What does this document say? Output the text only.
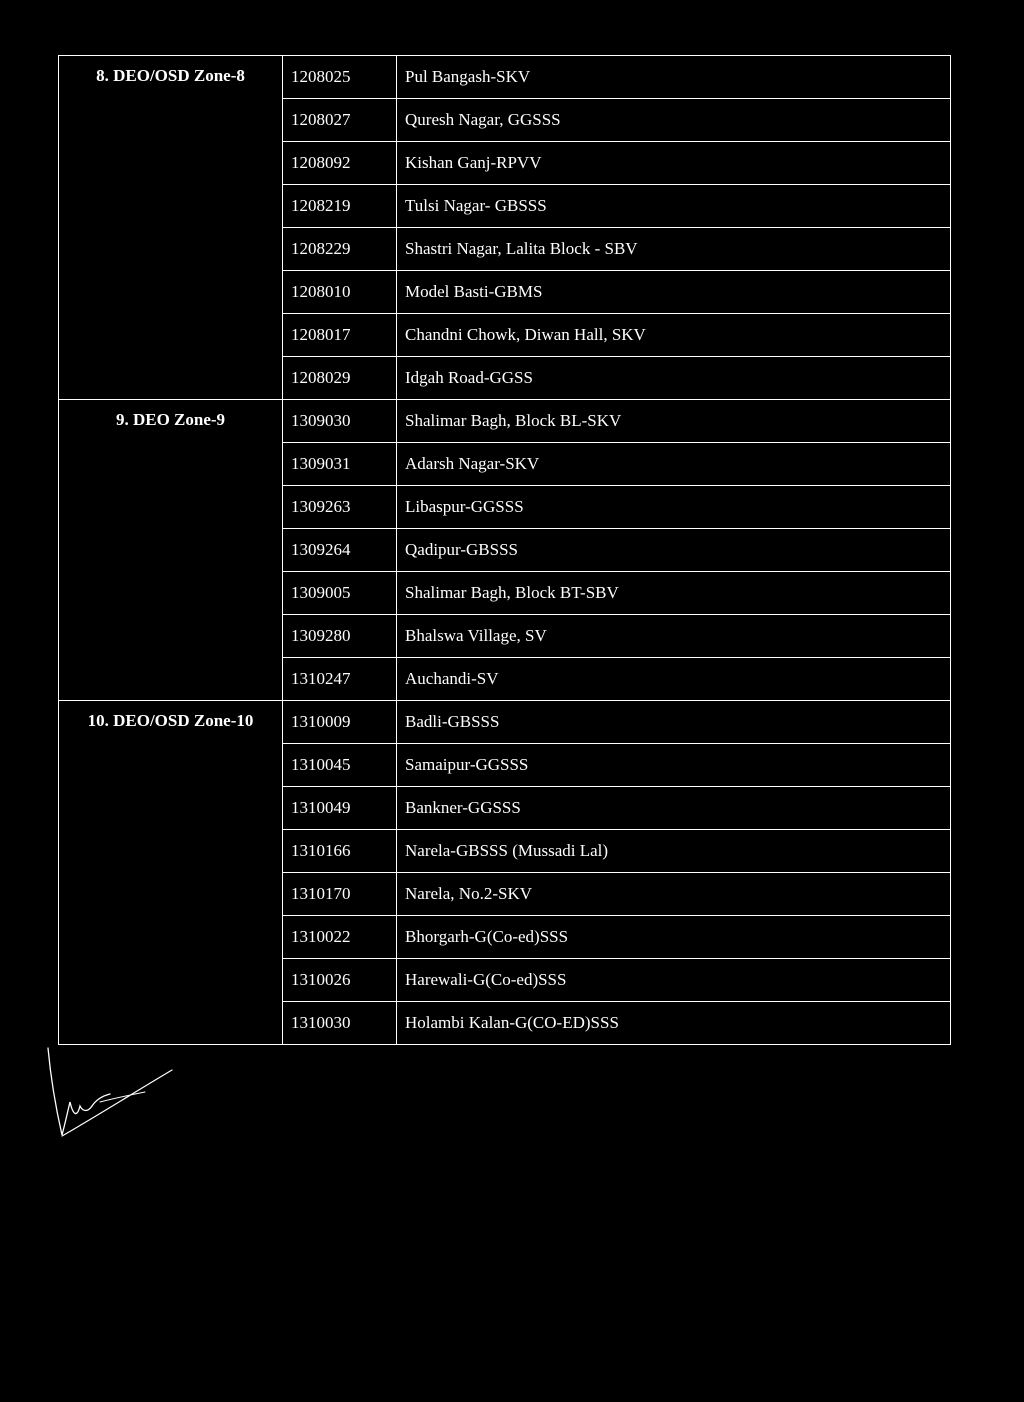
8. DEO/OSD Zone-8	1208025	Pul Bangash-SKV
	1208027	Quresh Nagar, GGSSS
	1208092	Kishan Ganj-RPVV
	1208219	Tulsi Nagar- GBSSS
	1208229	Shastri Nagar, Lalita Block - SBV
	1208010	Model Basti-GBMS
	1208017	Chandni Chowk, Diwan Hall, SKV
	1208029	Idgah Road-GGSS
9. DEO Zone-9	1309030	Shalimar Bagh, Block BL-SKV
	1309031	Adarsh Nagar-SKV
	1309263	Libaspur-GGSSS
	1309264	Qadipur-GBSSS
	1309005	Shalimar Bagh, Block BT-SBV
	1309280	Bhalswa Village, SV
	1310247	Auchandi-SV
10. DEO/OSD Zone-10	1310009	Badli-GBSSS
	1310045	Samaipur-GGSSS
	1310049	Bankner-GGSSS
	1310166	Narela-GBSSS (Mussadi Lal)
	1310170	Narela, No.2-SKV
	1310022	Bhorgarh-G(Co-ed)SSS
	1310026	Harewali-G(Co-ed)SSS
	1310030	Holambi Kalan-G(CO-ED)SSS
